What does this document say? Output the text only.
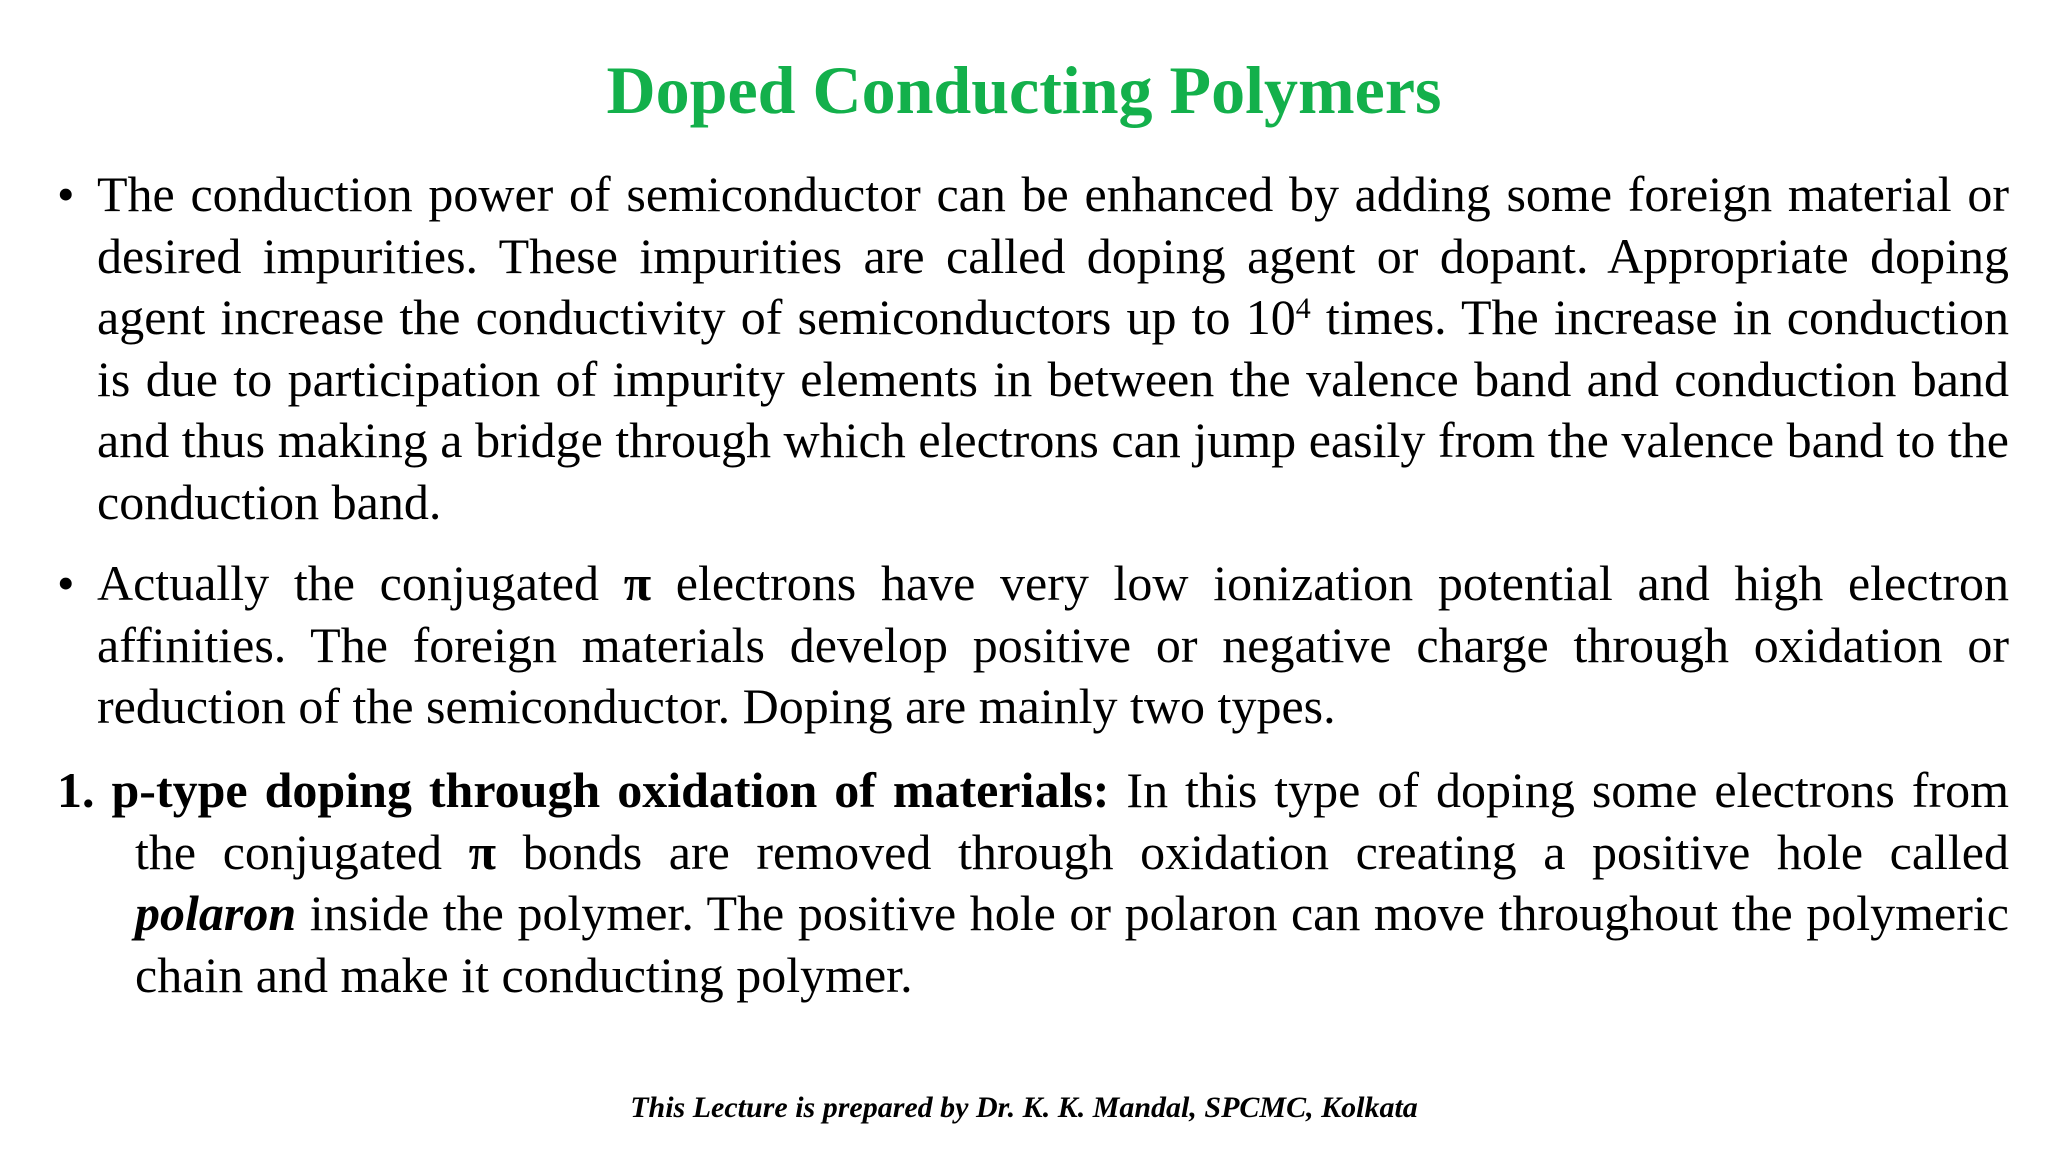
Doped Conducting Polymers
• The conduction power of semiconductor can be enhanced by adding some foreign material or desired impurities. These impurities are called doping agent or dopant. Appropriate doping agent increase the conductivity of semiconductors up to $10^4$ times. The increase in conduction is due to participation of impurity elements in between the valence band and conduction band and thus making a bridge through which electrons can jump easily from the valence band to the conduction band.
• Actually the conjugated π electrons have very low ionization potential and high electron affinities. The foreign materials develop positive or negative charge through oxidation or reduction of the semiconductor. Doping are mainly two types.
1. p-type doping through oxidation of materials: In this type of doping some electrons from the conjugated π bonds are removed through oxidation creating a positive hole called polaron inside the polymer. The positive hole or polaron can move throughout the polymeric chain and make it conducting polymer.
This Lecture is prepared by Dr. K. K. Mandal, SPCMC, Kolkata
